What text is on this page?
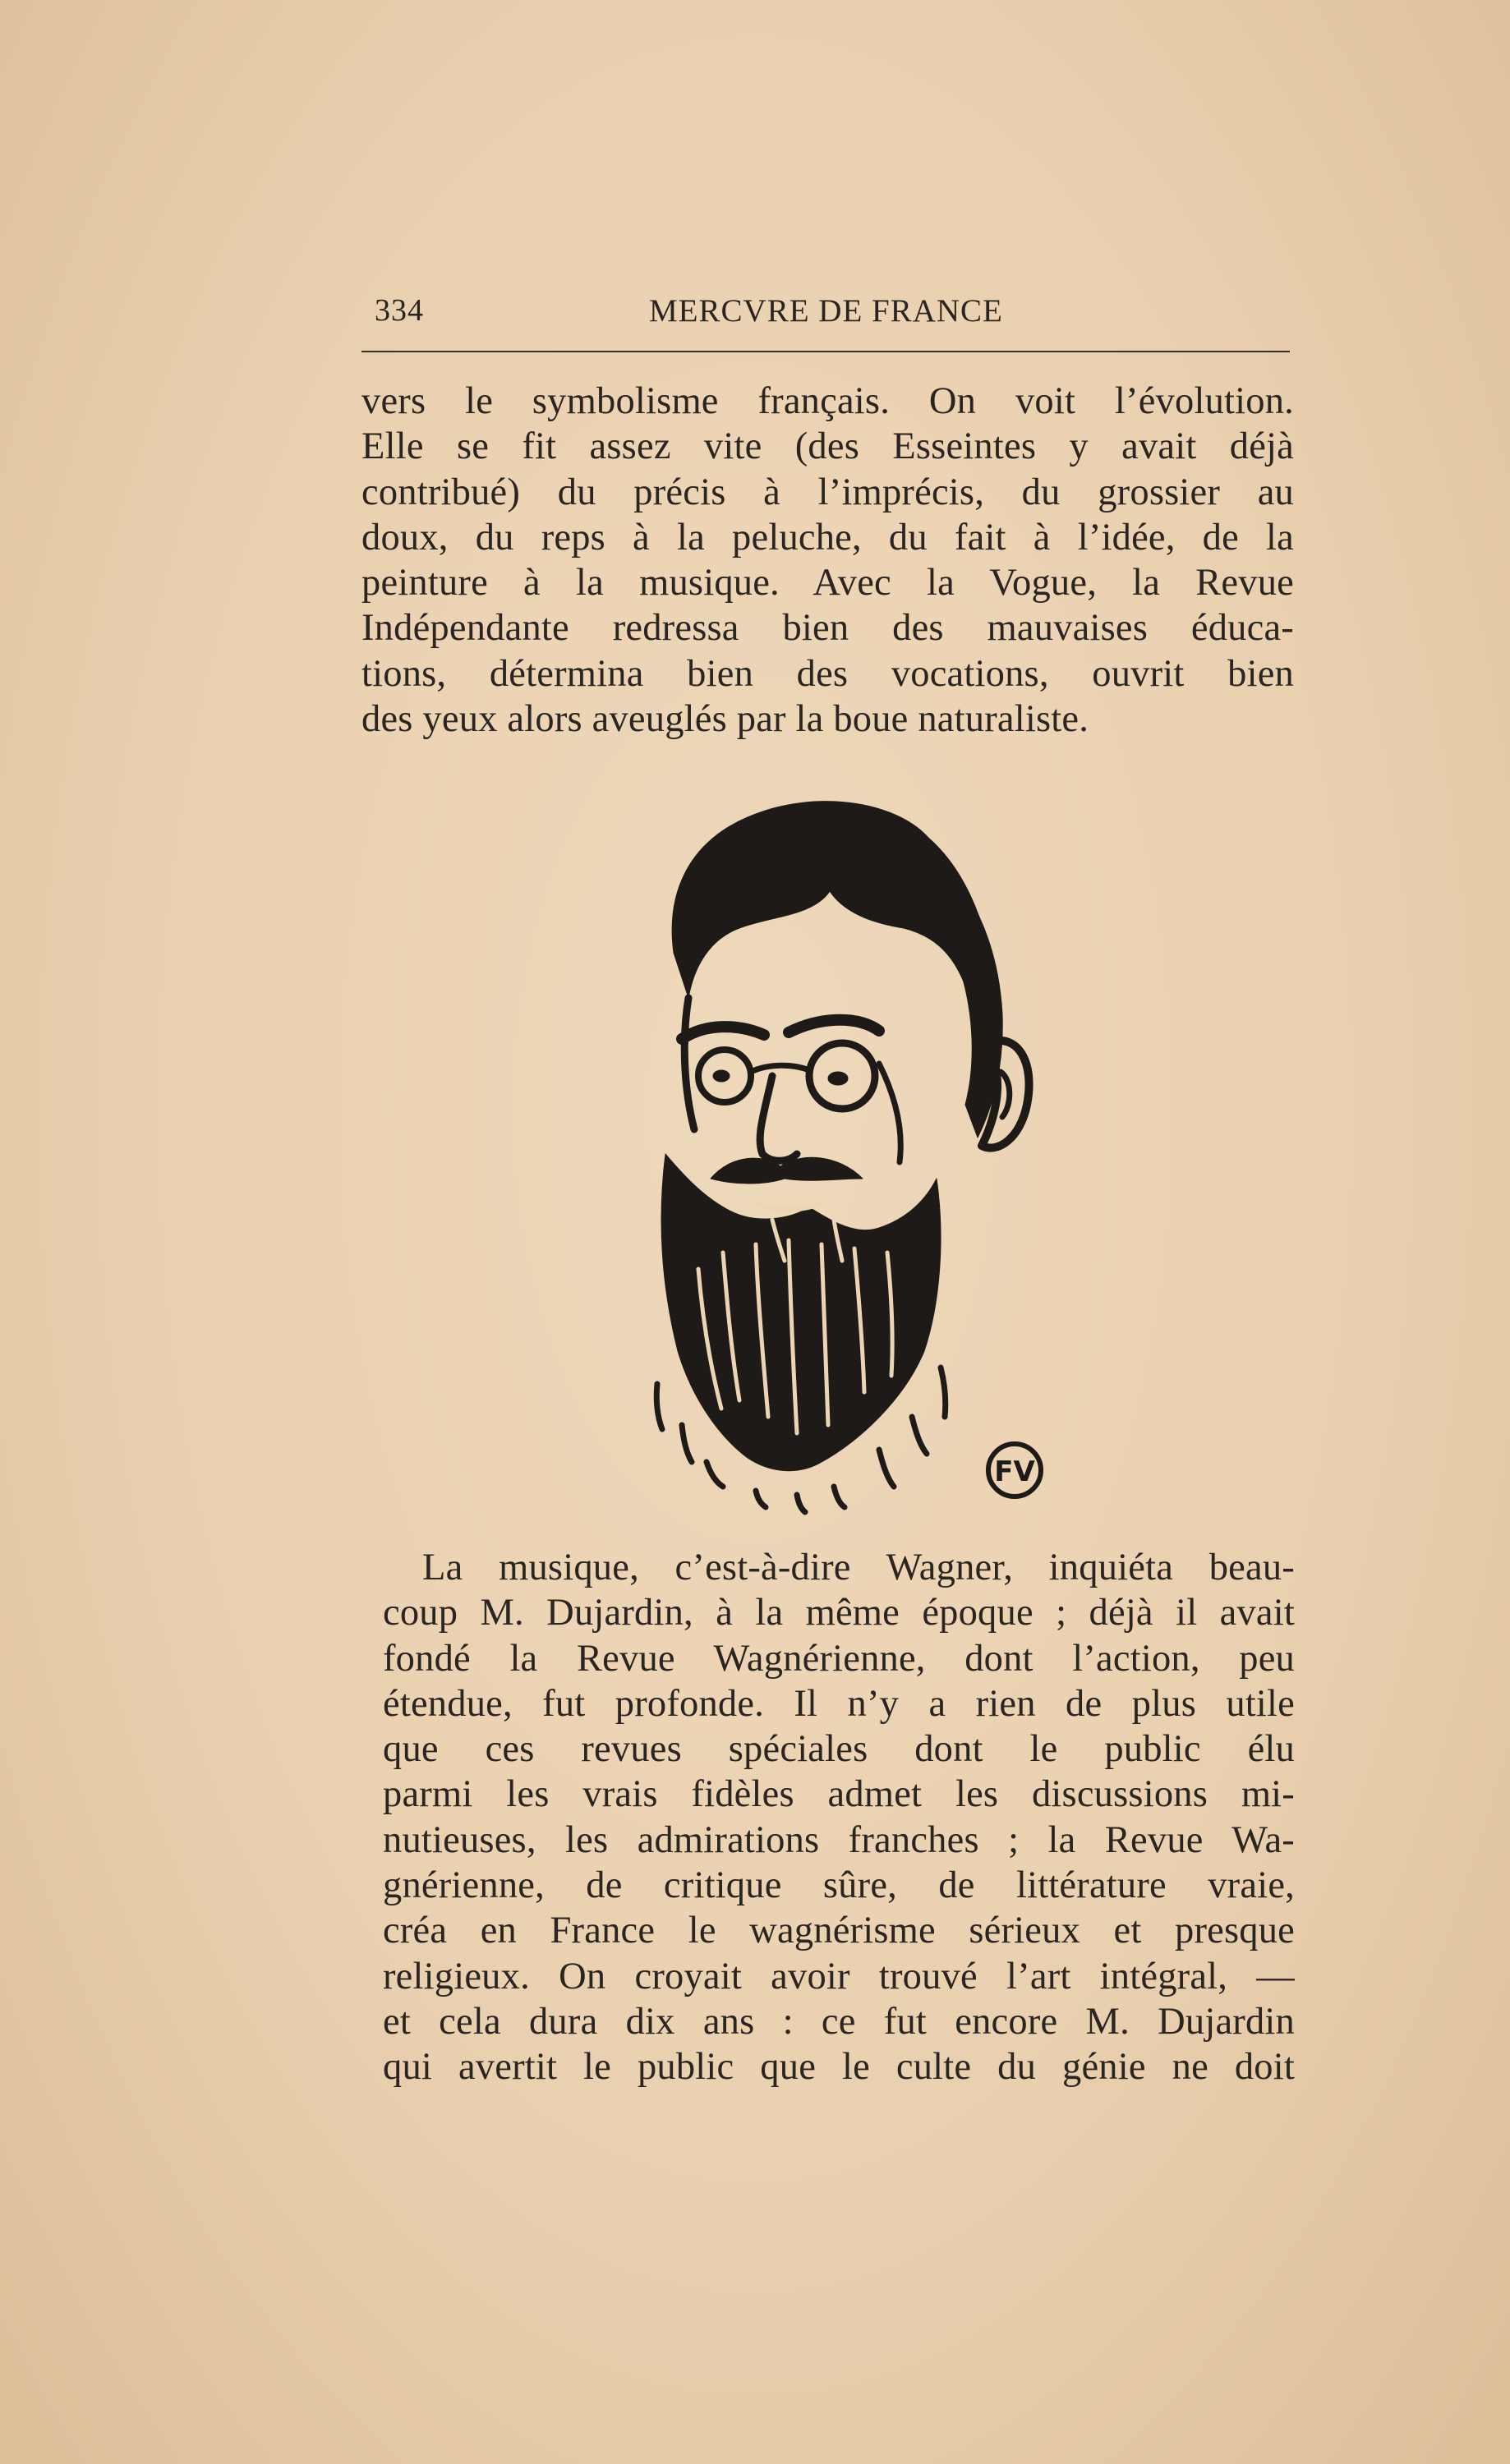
334	MERCVRE DE FRANCE
vers le symbolisme français. On voit l’évolution.
Elle se fit assez vite (des Esseintes y avait déjà
contribué) du précis à l’imprécis, du grossier au
doux, du reps à la peluche, du fait à l’idée, de la
peinture à la musique. Avec la Vogue, la Revue
Indépendante redressa bien des mauvaises éduca-
tions, détermina bien des vocations, ouvrit bien
des yeux alors aveuglés par la boue naturaliste.
FV
La musique, c’est-à-dire Wagner, inquiéta beau-
coup M. Dujardin, à la même époque ; déjà il avait
fondé la Revue Wagnérienne, dont l’action, peu
étendue, fut profonde. Il n’y a rien de plus utile
que ces revues spéciales dont le public élu
parmi les vrais fidèles admet les discussions mi-
nutieuses, les admirations franches ; la Revue Wa-
gnérienne, de critique sûre, de littérature vraie,
créa en France le wagnérisme sérieux et presque
religieux. On croyait avoir trouvé l’art intégral, —
et cela dura dix ans : ce fut encore M. Dujardin
qui avertit le public que le culte du génie ne doit
